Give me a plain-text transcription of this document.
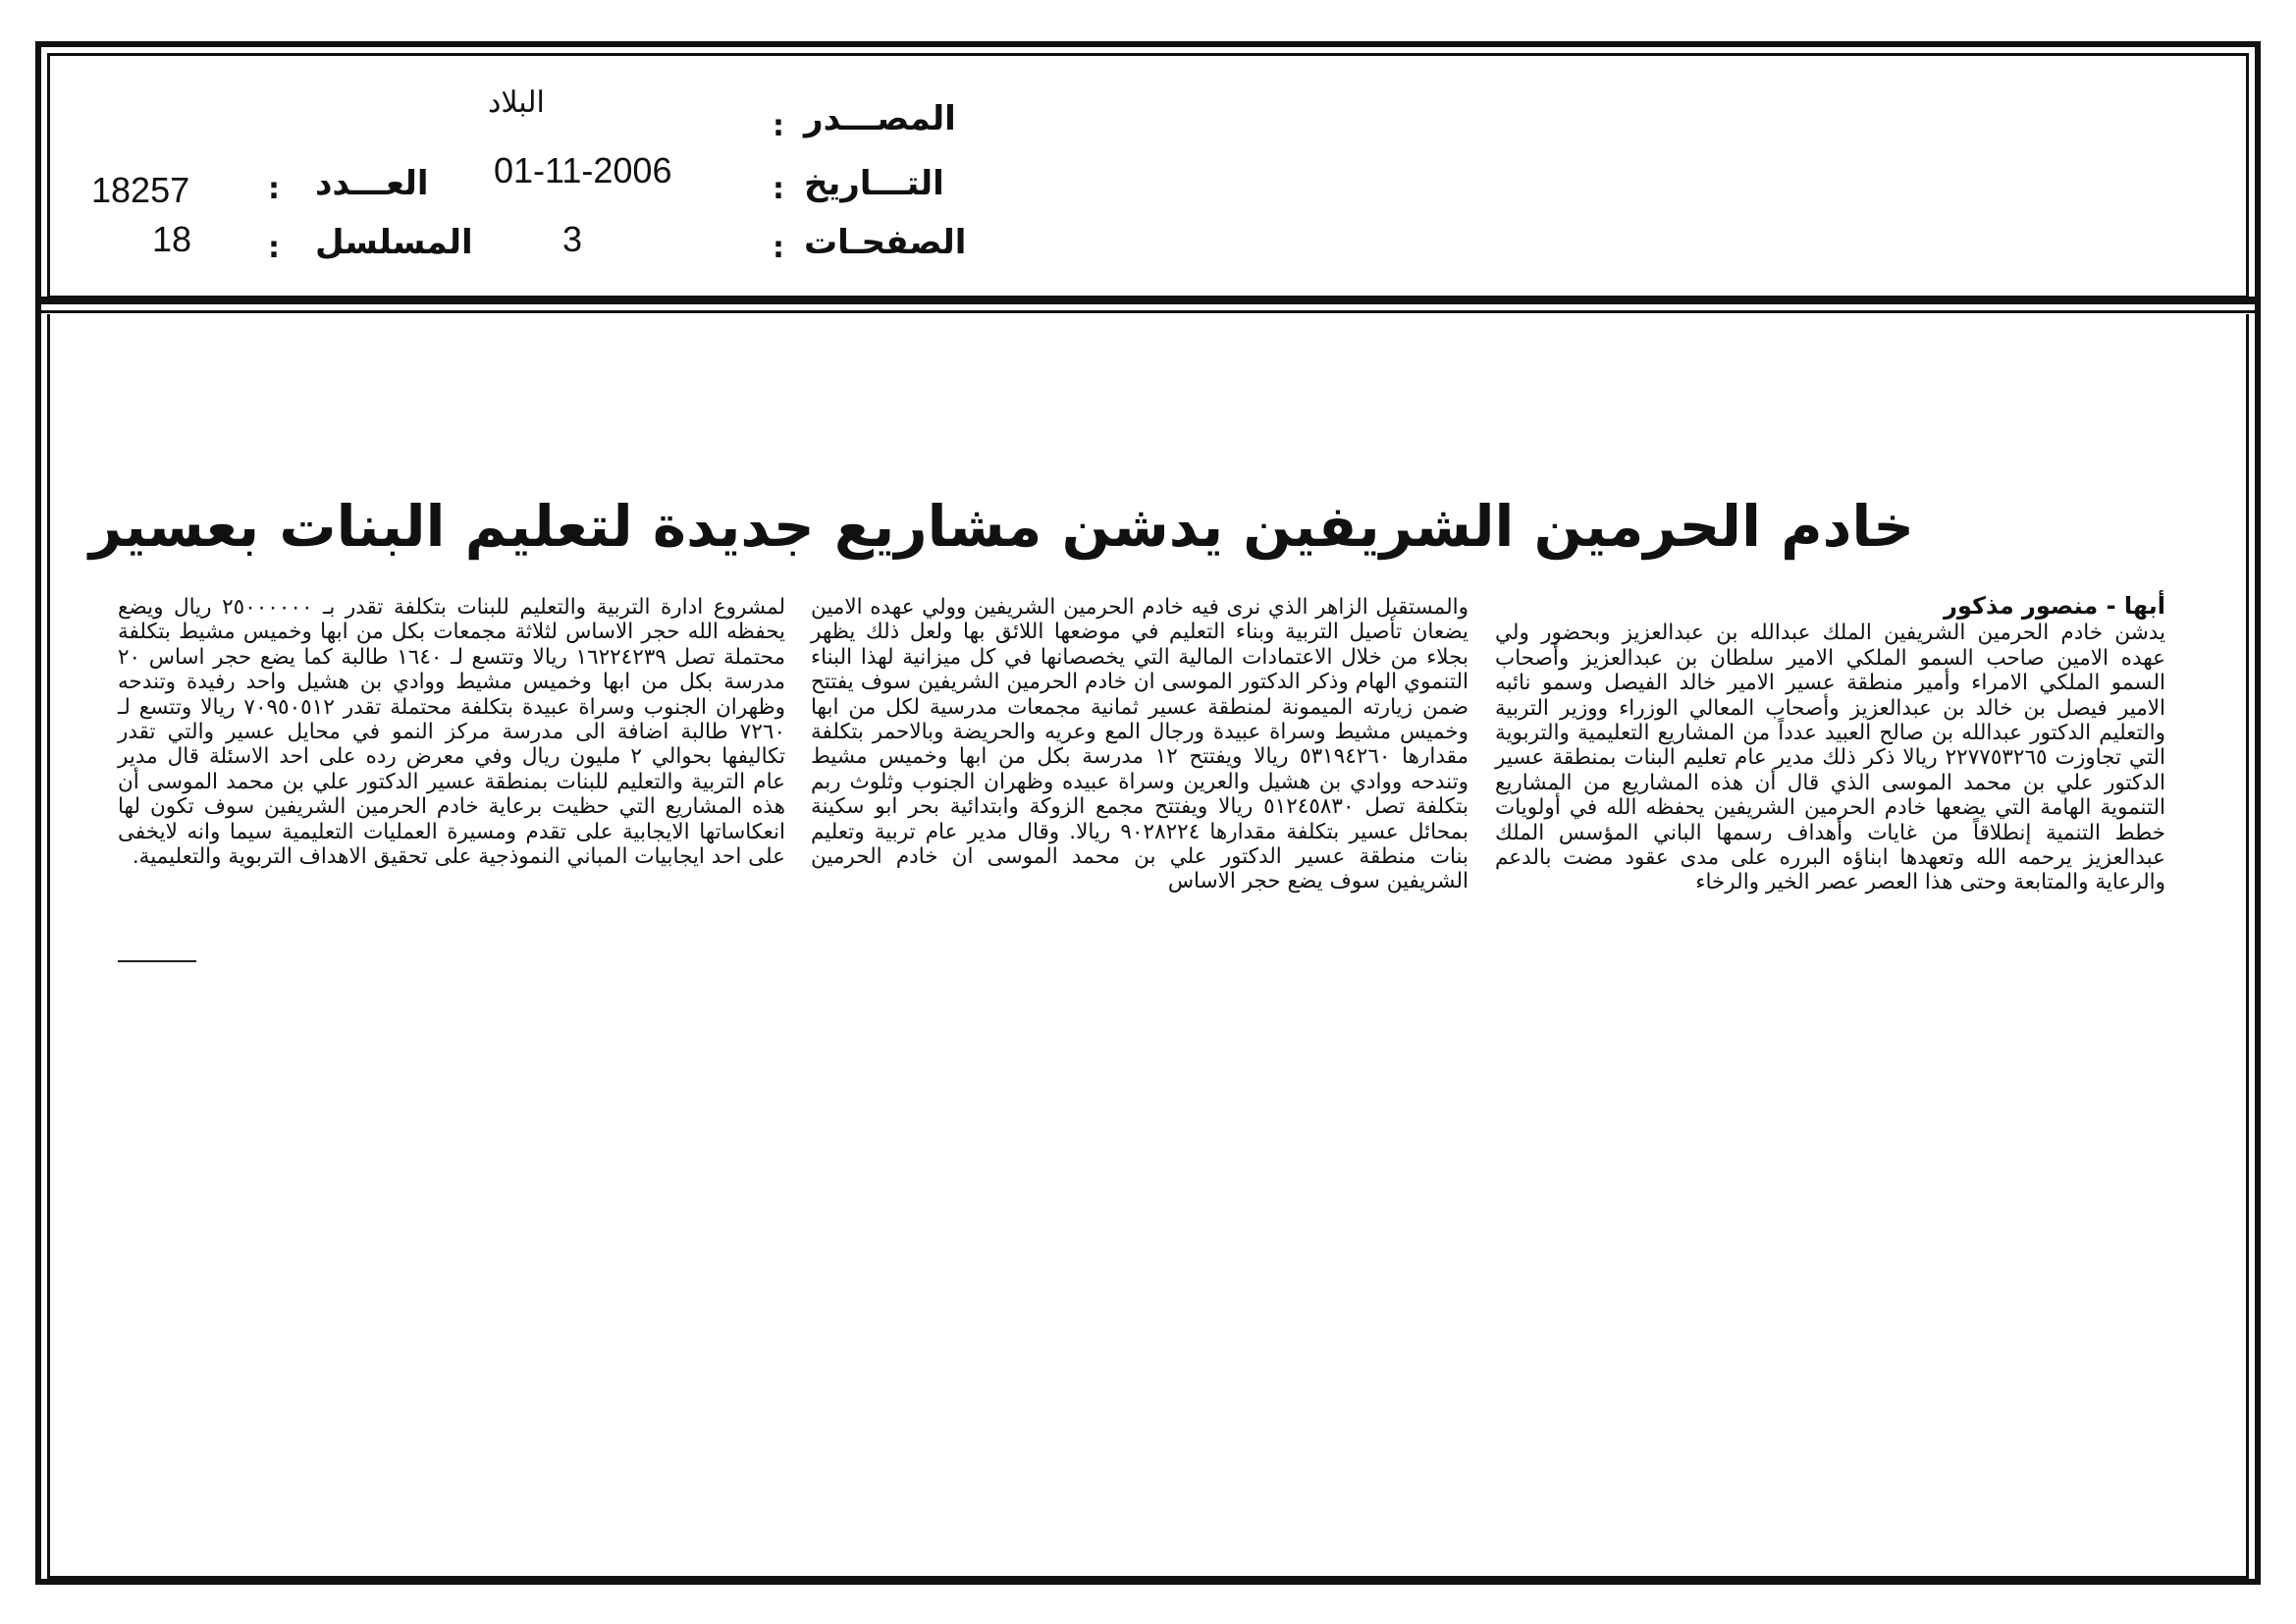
المصـــدر
التـــاريخ
الصفحـات
:
:
:
البلاد
01-11-2006
3
العـــدد
المسلسل
:
:
18257
18
خادم الحرمين الشريفين يدشن مشاريع جديدة لتعليم البنات بعسير

أبها - منصور مذكور

يدشن خادم الحرمين الشريفين الملك عبدالله بن عبدالعزيز وبحضور ولي عهده الامين صاحب السمو الملكي الامير سلطان بن عبدالعزيز وأصحاب السمو الملكي الامراء وأمير منطقة عسير الامير خالد الفيصل وسمو نائبه الامير فيصل بن خالد بن عبدالعزيز وأصحاب المعالي الوزراء ووزير التربية والتعليم الدكتور عبدالله بن صالح العبيد عدداً من المشاريع التعليمية والتربوية التي تجاوزت ٢٢٧٧٥٣٢٦٥ ريالا ذكر ذلك مدير عام تعليم البنات بمنطقة عسير الدكتور علي بن محمد الموسى الذي قال أن هذه المشاريع من المشاريع التنموية الهامة التي يضعها خادم الحرمين الشريفين يحفظه الله في أولويات خطط التنمية إنطلاقاً من غايات وأهداف رسمها الباني المؤسس الملك عبدالعزيز يرحمه الله وتعهدها ابناؤه البرره على مدى عقود مضت بالدعم والرعاية والمتابعة وحتى هذا العصر عصر الخير والرخاء

والمستقبل الزاهر الذي نرى فيه خادم الحرمين الشريفين وولي عهده الامين يضعان تأصيل التربية وبناء التعليم في موضعها اللائق بها ولعل ذلك يظهر بجلاء من خلال الاعتمادات المالية التي يخصصانها في كل ميزانية لهذا البناء التنموي الهام وذكر الدكتور الموسى ان خادم الحرمين الشريفين سوف يفتتح ضمن زيارته الميمونة لمنطقة عسير ثمانية مجمعات مدرسية لكل من ابها وخميس مشيط وسراة عبيدة ورجال المع وعريه والحريضة وبالاحمر بتكلفة مقدارها ٥٣١٩٤٢٦٠ ريالا ويفتتح ١٢ مدرسة بكل من ابها وخميس مشيط وتندحه ووادي بن هشيل والعرين وسراة عبيده وظهران الجنوب وثلوث ربم بتكلفة تصل ٥١٢٤٥٨٣٠ ريالا ويفتتح مجمع الزوكة وابتدائية بحر ابو سكينة بمحائل عسير بتكلفة مقدارها ٩٠٢٨٢٢٤ ريالا. وقال مدير عام تربية وتعليم بنات منطقة عسير الدكتور علي بن محمد الموسى ان خادم الحرمين الشريفين سوف يضع حجر الاساس

لمشروع ادارة التربية والتعليم للبنات بتكلفة تقدر بـ ٢٥٠٠٠٠٠٠ ريال ويضع يحفظه الله حجر الاساس لثلاثة مجمعات بكل من ابها وخميس مشيط بتكلفة محتملة تصل ١٦٢٢٤٢٣٩ ريالا وتتسع لـ ١٦٤٠ طالبة كما يضع حجر اساس ٢٠ مدرسة بكل من ابها وخميس مشيط ووادي بن هشيل واحد رفيدة وتندحه وظهران الجنوب وسراة عبيدة بتكلفة محتملة تقدر ٧٠٩٥٠٥١٢ ريالا وتتسع لـ ٧٢٦٠ طالبة اضافة الى مدرسة مركز النمو في محايل عسير والتي تقدر تكاليفها بحوالي ٢ مليون ريال وفي معرض رده على احد الاسئلة قال مدير عام التربية والتعليم للبنات بمنطقة عسير الدكتور علي بن محمد الموسى أن هذه المشاريع التي حظيت برعاية خادم الحرمين الشريفين سوف تكون لها انعكاساتها الايجابية على تقدم ومسيرة العمليات التعليمية سيما وانه لايخفى على احد ايجابيات المباني النموذجية على تحقيق الاهداف التربوية والتعليمية.
